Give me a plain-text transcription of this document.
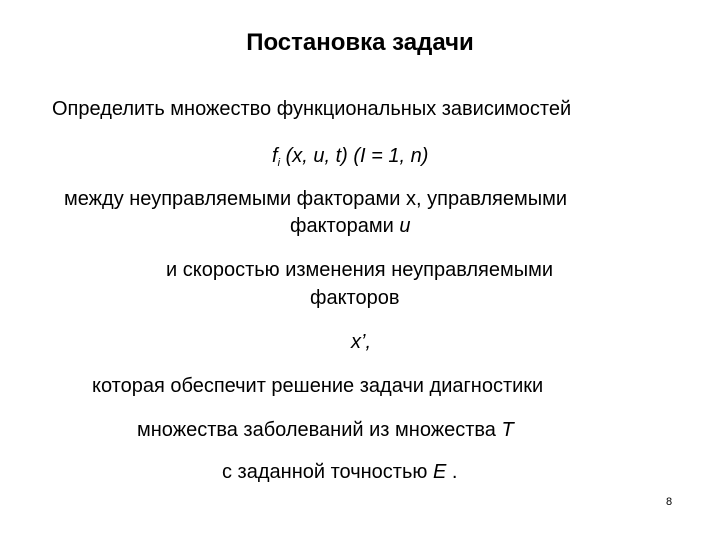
Постановка задачи
Определить множество функциональных зависимостей
$f_i$ (x, u, t) (I = 1, n)
между неуправляемыми факторами x, управляемыми
факторами u
и скоростью изменения неуправляемыми
факторов
x’,
которая обеспечит решение задачи диагностики
множества заболеваний из множества T
с заданной точностью E .
8
